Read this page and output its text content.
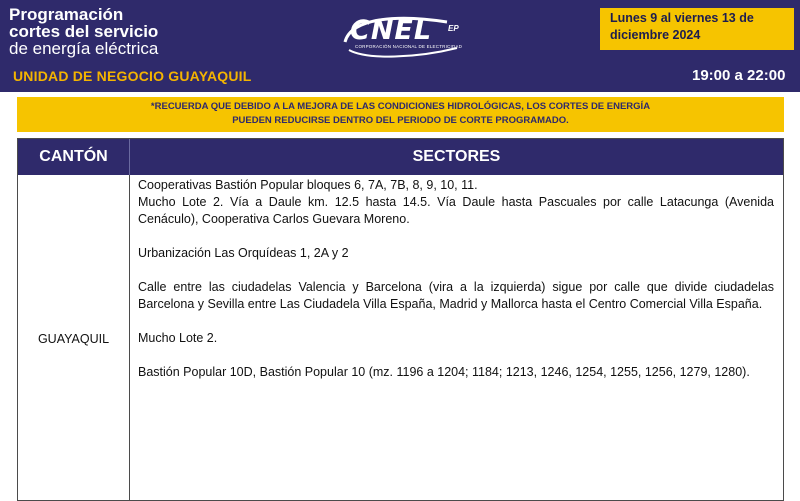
Programación
cortes del servicio
de energía eléctrica
UNIDAD DE NEGOCIO GUAYAQUIL
CNEL EP
CORPORACIÓN NACIONAL DE ELECTRICIDAD
Lunes 9 al viernes 13 de
diciembre 2024
19:00 a 22:00
*RECUERDA QUE DEBIDO A LA MEJORA DE LAS CONDICIONES HIDROLÓGICAS, LOS CORTES DE ENERGÍA
PUEDEN REDUCIRSE DENTRO DEL PERIODO DE CORTE PROGRAMADO.
CANTÓN	SECTORES
GUAYAQUIL

Cooperativas Bastión Popular bloques 6, 7A, 7B, 8, 9, 10, 11.

Mucho Lote 2. Vía a Daule km. 12.5 hasta 14.5. Vía Daule hasta Pascuales por calle Latacunga (Avenida Cenáculo), Cooperativa Carlos Guevara Moreno.

Urbanización Las Orquídeas 1, 2A y 2

Calle entre las ciudadelas Valencia y Barcelona (vira a la izquierda) sigue por calle que divide ciudadelas Barcelona y Sevilla entre Las Ciudadela Villa España, Madrid y Mallorca hasta el Centro Comercial Villa España.

Mucho Lote 2.

Bastión Popular 10D, Bastión Popular 10 (mz. 1196 a 1204; 1184; 1213, 1246, 1254, 1255, 1256, 1279, 1280).
